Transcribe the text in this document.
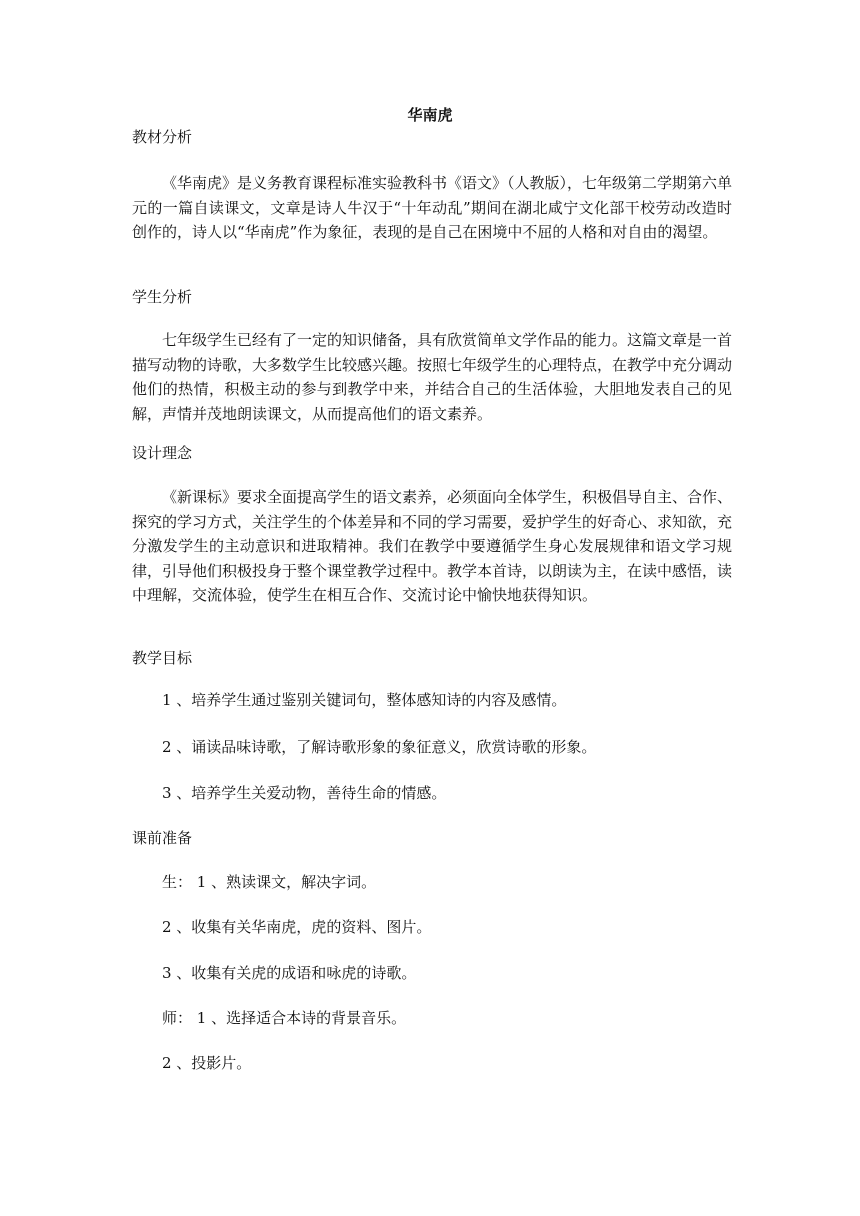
华南虎
教材分析
《华南虎》是义务教育课程标准实验教科书《语文》（人教版），七年级第二学期第六单元的一篇自读课文，文章是诗人牛汉于“十年动乱”期间在湖北咸宁文化部干校劳动改造时创作的，诗人以“华南虎”作为象征，表现的是自己在困境中不屈的人格和对自由的渴望。
学生分析
七年级学生已经有了一定的知识储备，具有欣赏简单文学作品的能力。这篇文章是一首描写动物的诗歌，大多数学生比较感兴趣。按照七年级学生的心理特点，在教学中充分调动他们的热情，积极主动的参与到教学中来，并结合自己的生活体验，大胆地发表自己的见解，声情并茂地朗读课文，从而提高他们的语文素养。
设计理念
《新课标》要求全面提高学生的语文素养，必须面向全体学生，积极倡导自主、合作、探究的学习方式，关注学生的个体差异和不同的学习需要，爱护学生的好奇心、求知欲，充分激发学生的主动意识和进取精神。我们在教学中要遵循学生身心发展规律和语文学习规律，引导他们积极投身于整个课堂教学过程中。教学本首诗，以朗读为主，在读中感悟，读中理解，交流体验，使学生在相互合作、交流讨论中愉快地获得知识。
教学目标
1 、培养学生通过鉴别关键词句，整体感知诗的内容及感情。
2 、诵读品味诗歌，了解诗歌形象的象征意义，欣赏诗歌的形象。
3 、培养学生关爱动物，善待生命的情感。
课前准备
生： 1 、熟读课文，解决字词。
2 、收集有关华南虎，虎的资料、图片。
3 、收集有关虎的成语和咏虎的诗歌。
师： 1 、选择适合本诗的背景音乐。
2 、投影片。
